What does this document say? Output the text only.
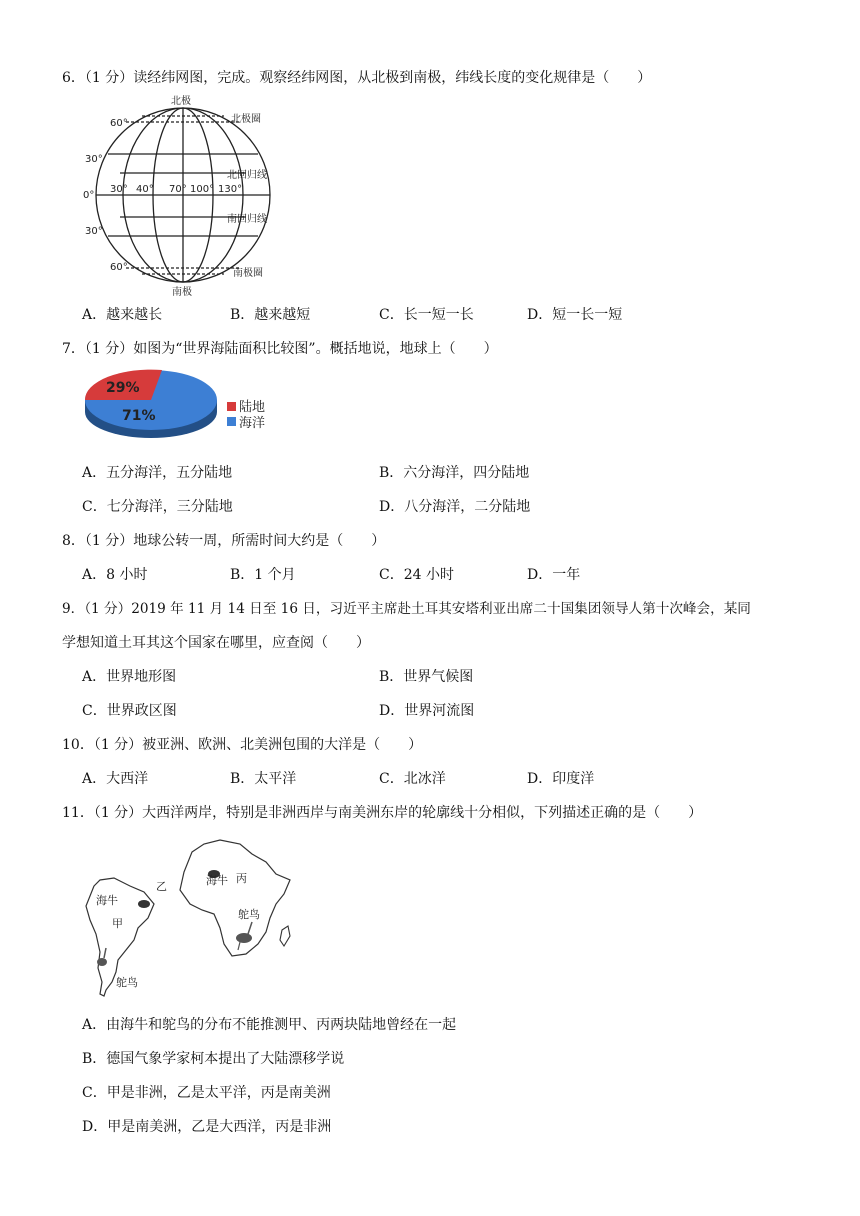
6．（1 分）读经纬网图，完成。观察经纬网图，从北极到南极，纬线长度的变化规律是（　　）
北极
南极
北极圈
北回归线
南回归线
南极圈
60°
30°
0°
30°
60°
30° 40° 70° 100° 130°
A．越来越长	B．越来越短	C．长一短一长	D．短一长一短
7．（1 分）如图为“世界海陆面积比较图”。概括地说，地球上（　　）
29%
71%
陆地
海洋
A．五分海洋，五分陆地	B．六分海洋，四分陆地
C．七分海洋，三分陆地	D．八分海洋，二分陆地
8．（1 分）地球公转一周，所需时间大约是（　　）
A．8 小时	B．1 个月	C．24 小时	D．一年
9．（1 分）2019 年 11 月 14 日至 16 日，习近平主席赴土耳其安塔利亚出席二十国集团领导人第十次峰会，某同
学想知道土耳其这个国家在哪里，应查阅（　　）
A．世界地形图	B．世界气候图
C．世界政区图	D．世界河流图
10．（1 分）被亚洲、欧洲、北美洲包围的大洋是（　　）
A．大西洋	B．太平洋	C．北冰洋	D．印度洋
11．（1 分）大西洋两岸，特别是非洲西岸与南美洲东岸的轮廓线十分相似，下列描述正确的是（　　）
海牛
甲
鸵鸟
乙	海牛 丙
鸵鸟
A．由海牛和鸵鸟的分布不能推测甲、丙两块陆地曾经在一起
B．德国气象学家柯本提出了大陆漂移学说
C．甲是非洲，乙是太平洋，丙是南美洲
D．甲是南美洲，乙是大西洋，丙是非洲
